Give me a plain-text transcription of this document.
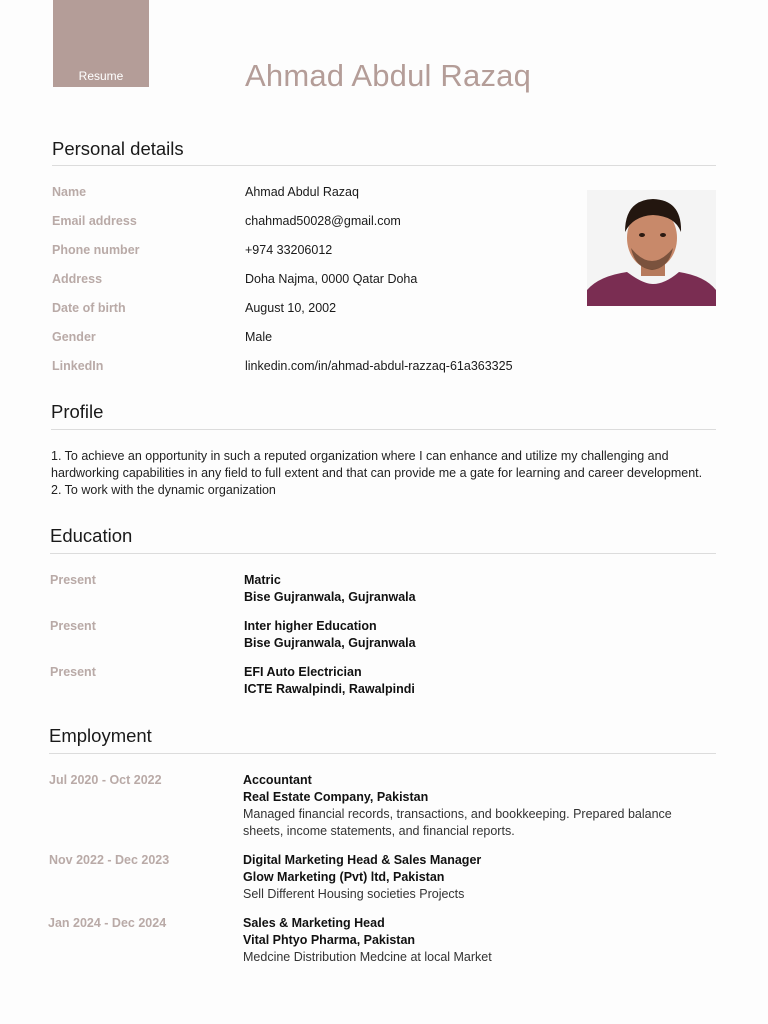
Resume	Ahmad Abdul Razaq
Personal details
Name	Ahmad Abdul Razaq
Email address	chahmad50028@gmail.com
Phone number	+974 33206012
Address	Doha Najma, 0000 Qatar Doha
Date of birth	August 10, 2002
Gender	Male
LinkedIn	linkedin.com/in/ahmad-abdul-razzaq-61a363325
Profile
1. To achieve an opportunity in such a reputed organization where I can enhance and utilize my challenging and hardworking capabilities in any field to full extent and that can provide me a gate for learning and career development. 2. To work with the dynamic organization
Education
Present	Matric
Bise Gujranwala, Gujranwala
Present	Inter higher Education
Bise Gujranwala, Gujranwala
Present	EFI Auto Electrician
ICTE Rawalpindi, Rawalpindi
Employment
Jul 2020 - Oct 2022	Accountant
Real Estate Company, Pakistan
Managed financial records, transactions, and bookkeeping. Prepared balance sheets, income statements, and financial reports.
Nov 2022 - Dec 2023	Digital Marketing Head & Sales Manager
Glow Marketing (Pvt) ltd, Pakistan
Sell Different Housing societies Projects
Jan 2024 - Dec 2024	Sales & Marketing Head
Vital Phtyo Pharma, Pakistan
Medcine Distribution Medcine at local Market
